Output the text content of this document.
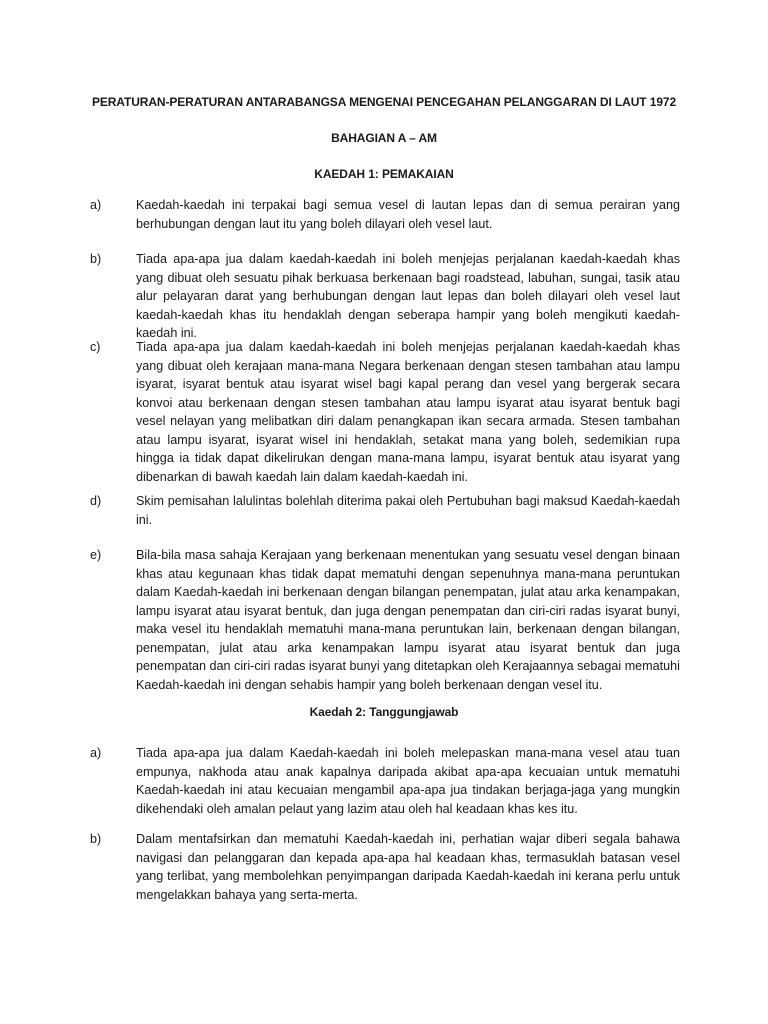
PERATURAN-PERATURAN ANTARABANGSA MENGENAI PENCEGAHAN PELANGGARAN DI LAUT 1972
BAHAGIAN A – AM
KAEDAH 1: PEMAKAIAN
a)	Kaedah-kaedah ini terpakai bagi semua vesel di lautan lepas dan di semua perairan yang berhubungan dengan laut itu yang boleh dilayari oleh vesel laut.
b)	Tiada apa-apa jua dalam kaedah-kaedah ini boleh menjejas perjalanan kaedah-kaedah khas yang dibuat oleh sesuatu pihak berkuasa berkenaan bagi roadstead, labuhan, sungai, tasik atau alur pelayaran darat yang berhubungan dengan laut lepas dan boleh dilayari oleh vesel laut kaedah-kaedah khas itu hendaklah dengan seberapa hampir yang boleh mengikuti kaedah-kaedah ini.
c)	Tiada apa-apa jua dalam kaedah-kaedah ini boleh menjejas perjalanan kaedah-kaedah khas yang dibuat oleh kerajaan mana-mana Negara berkenaan dengan stesen tambahan atau lampu isyarat, isyarat bentuk atau isyarat wisel bagi kapal perang dan vesel yang bergerak secara konvoi atau berkenaan dengan stesen tambahan atau lampu isyarat atau isyarat bentuk bagi vesel nelayan yang melibatkan diri dalam penangkapan ikan secara armada. Stesen tambahan atau lampu isyarat, isyarat wisel ini hendaklah, setakat mana yang boleh, sedemikian rupa hingga ia tidak dapat dikelirukan dengan mana-mana lampu, isyarat bentuk atau isyarat yang dibenarkan di bawah kaedah lain dalam kaedah-kaedah ini.
d)	Skim pemisahan lalulintas bolehlah diterima pakai oleh Pertubuhan bagi maksud Kaedah-kaedah ini.
e)	Bila-bila masa sahaja Kerajaan yang berkenaan menentukan yang sesuatu vesel dengan binaan khas atau kegunaan khas tidak dapat mematuhi dengan sepenuhnya mana-mana peruntukan dalam Kaedah-kaedah ini berkenaan dengan bilangan penempatan, julat atau arka kenampakan, lampu isyarat atau isyarat bentuk, dan juga dengan penempatan dan ciri-ciri radas isyarat bunyi, maka vesel itu hendaklah mematuhi mana-mana peruntukan lain, berkenaan dengan bilangan, penempatan, julat atau arka kenampakan lampu isyarat atau isyarat bentuk dan juga penempatan dan ciri-ciri radas isyarat bunyi yang ditetapkan oleh Kerajaannya sebagai mematuhi Kaedah-kaedah ini dengan sehabis hampir yang boleh berkenaan dengan vesel itu.
Kaedah 2: Tanggungjawab
a)	Tiada apa-apa jua dalam Kaedah-kaedah ini boleh melepaskan mana-mana vesel atau tuan empunya, nakhoda atau anak kapalnya daripada akibat apa-apa kecuaian untuk mematuhi Kaedah-kaedah ini atau kecuaian mengambil apa-apa jua tindakan berjaga-jaga yang mungkin dikehendaki oleh amalan pelaut yang lazim atau oleh hal keadaan khas kes itu.
b)	Dalam mentafsirkan dan mematuhi Kaedah-kaedah ini, perhatian wajar diberi segala bahawa navigasi dan pelanggaran dan kepada apa-apa hal keadaan khas, termasuklah batasan vesel yang terlibat, yang membolehkan penyimpangan daripada Kaedah-kaedah ini kerana perlu untuk mengelakkan bahaya yang serta-merta.
